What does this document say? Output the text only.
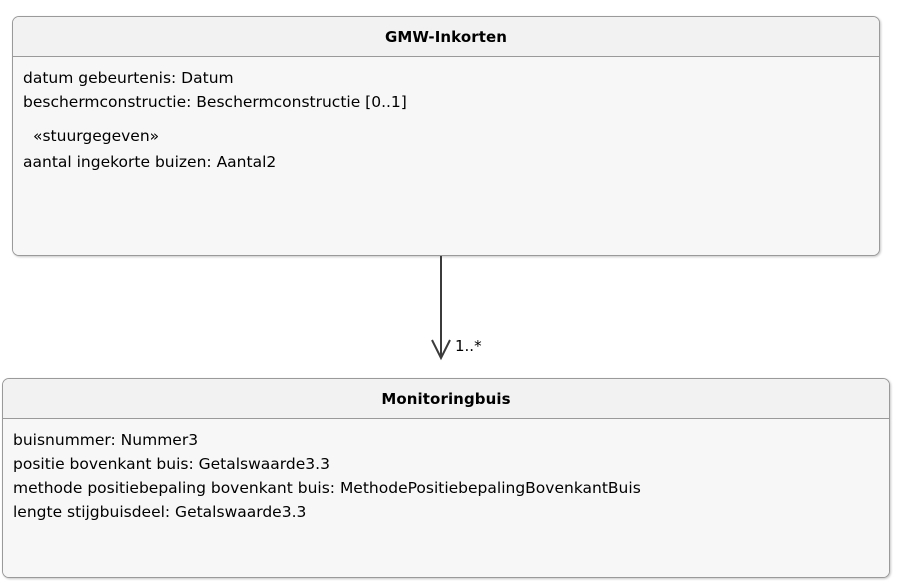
GMW-Inkorten
datum gebeurtenis: Datum
beschermconstructie: Beschermconstructie [0..1]
«stuurgegeven»
aantal ingekorte buizen: Aantal2
1..*
Monitoringbuis
buisnummer: Nummer3
positie bovenkant buis: Getalswaarde3.3
methode positiebepaling bovenkant buis: MethodePositiebepalingBovenkantBuis
lengte stijgbuisdeel: Getalswaarde3.3
